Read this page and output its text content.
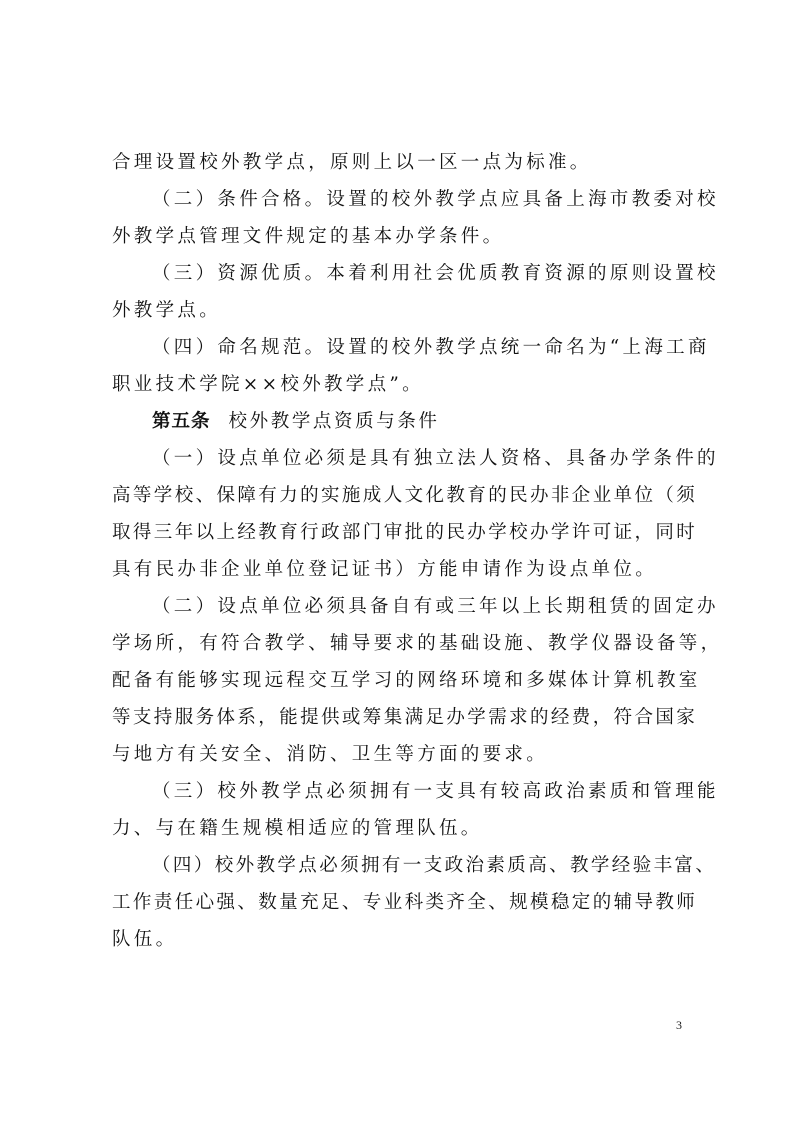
合理设置校外教学点，原则上以一区一点为标准。
（二）条件合格。设置的校外教学点应具备上海市教委对校
外教学点管理文件规定的基本办学条件。
（三）资源优质。本着利用社会优质教育资源的原则设置校
外教学点。
（四）命名规范。设置的校外教学点统一命名为“上海工商
职业技术学院××校外教学点”。
第五条 校外教学点资质与条件
（一）设点单位必须是具有独立法人资格、具备办学条件的
高等学校、保障有力的实施成人文化教育的民办非企业单位（须
取得三年以上经教育行政部门审批的民办学校办学许可证，同时
具有民办非企业单位登记证书）方能申请作为设点单位。
（二）设点单位必须具备自有或三年以上长期租赁的固定办
学场所，有符合教学、辅导要求的基础设施、教学仪器设备等，
配备有能够实现远程交互学习的网络环境和多媒体计算机教室
等支持服务体系，能提供或筹集满足办学需求的经费，符合国家
与地方有关安全、消防、卫生等方面的要求。
（三）校外教学点必须拥有一支具有较高政治素质和管理能
力、与在籍生规模相适应的管理队伍。
（四）校外教学点必须拥有一支政治素质高、教学经验丰富、
工作责任心强、数量充足、专业科类齐全、规模稳定的辅导教师
队伍。
3
